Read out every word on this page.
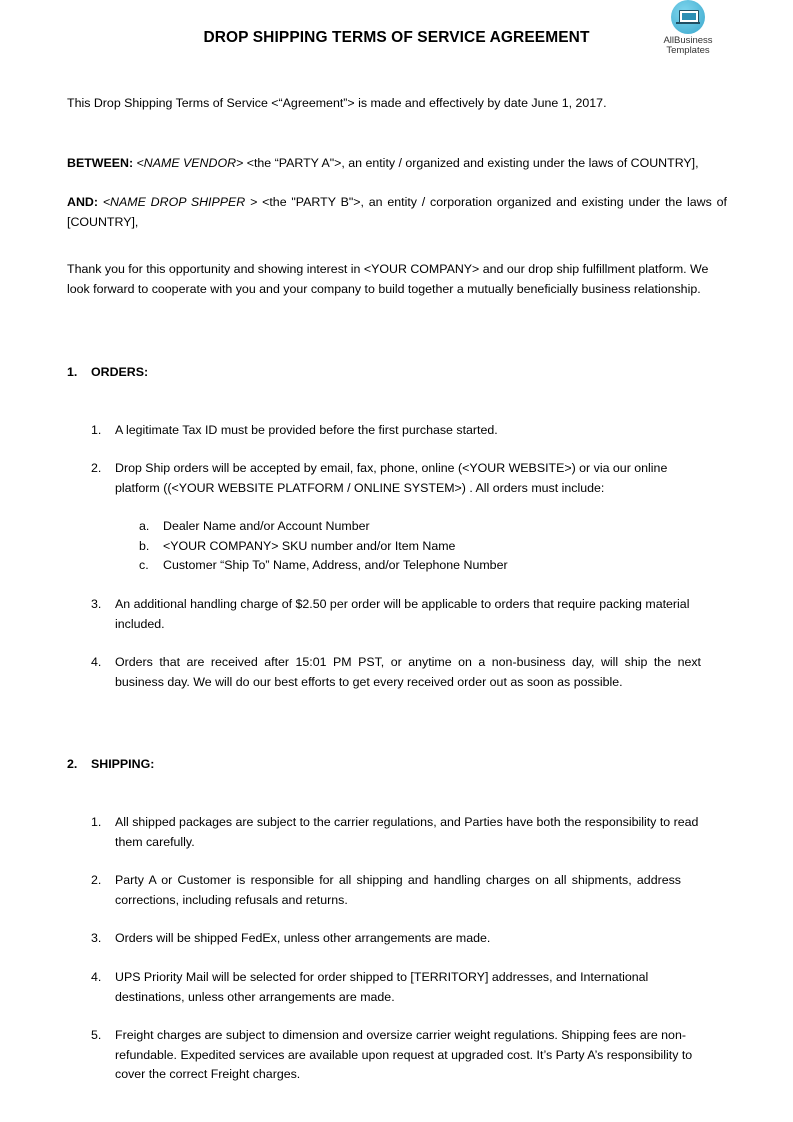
DROP SHIPPING TERMS OF SERVICE AGREEMENT	AllBusiness
Templates
This Drop Shipping Terms of Service <“Agreement”> is made and effectively by date June 1, 2017.
BETWEEN: <NAME VENDOR> <the “PARTY A">, an entity / organized and existing under the laws of COUNTRY],
AND: <NAME DROP SHIPPER > <the "PARTY B">, an entity / corporation organized and existing under the laws of [COUNTRY],
Thank you for this opportunity and showing interest in <YOUR COMPANY> and our drop ship fulfillment platform. We look forward to cooperate with you and your company to build together a mutually beneficially business relationship.
1. ORDERS:
1.	A legitimate Tax ID must be provided before the first purchase started.
2.	Drop Ship orders will be accepted by email, fax, phone, online (<YOUR WEBSITE>) or via our online platform ((<YOUR WEBSITE PLATFORM / ONLINE SYSTEM>) . All orders must include:
a.	Dealer Name and/or Account Number
b.	<YOUR COMPANY> SKU number and/or Item Name
c.	Customer “Ship To” Name, Address, and/or Telephone Number
3.	An additional handling charge of $2.50 per order will be applicable to orders that require packing material included.
4.	Orders that are received after 15:01 PM PST, or anytime on a non-business day, will ship the next business day. We will do our best efforts to get every received order out as soon as possible.
2. SHIPPING:
1.	All shipped packages are subject to the carrier regulations, and Parties have both the responsibility to read them carefully.
2.	Party A or Customer is responsible for all shipping and handling charges on all shipments, address corrections, including refusals and returns.
3.	Orders will be shipped FedEx, unless other arrangements are made.
4.	UPS Priority Mail will be selected for order shipped to [TERRITORY] addresses, and International destinations, unless other arrangements are made.
5.	Freight charges are subject to dimension and oversize carrier weight regulations. Shipping fees are non-refundable. Expedited services are available upon request at upgraded cost. It’s Party A’s responsibility to cover the correct Freight charges.
